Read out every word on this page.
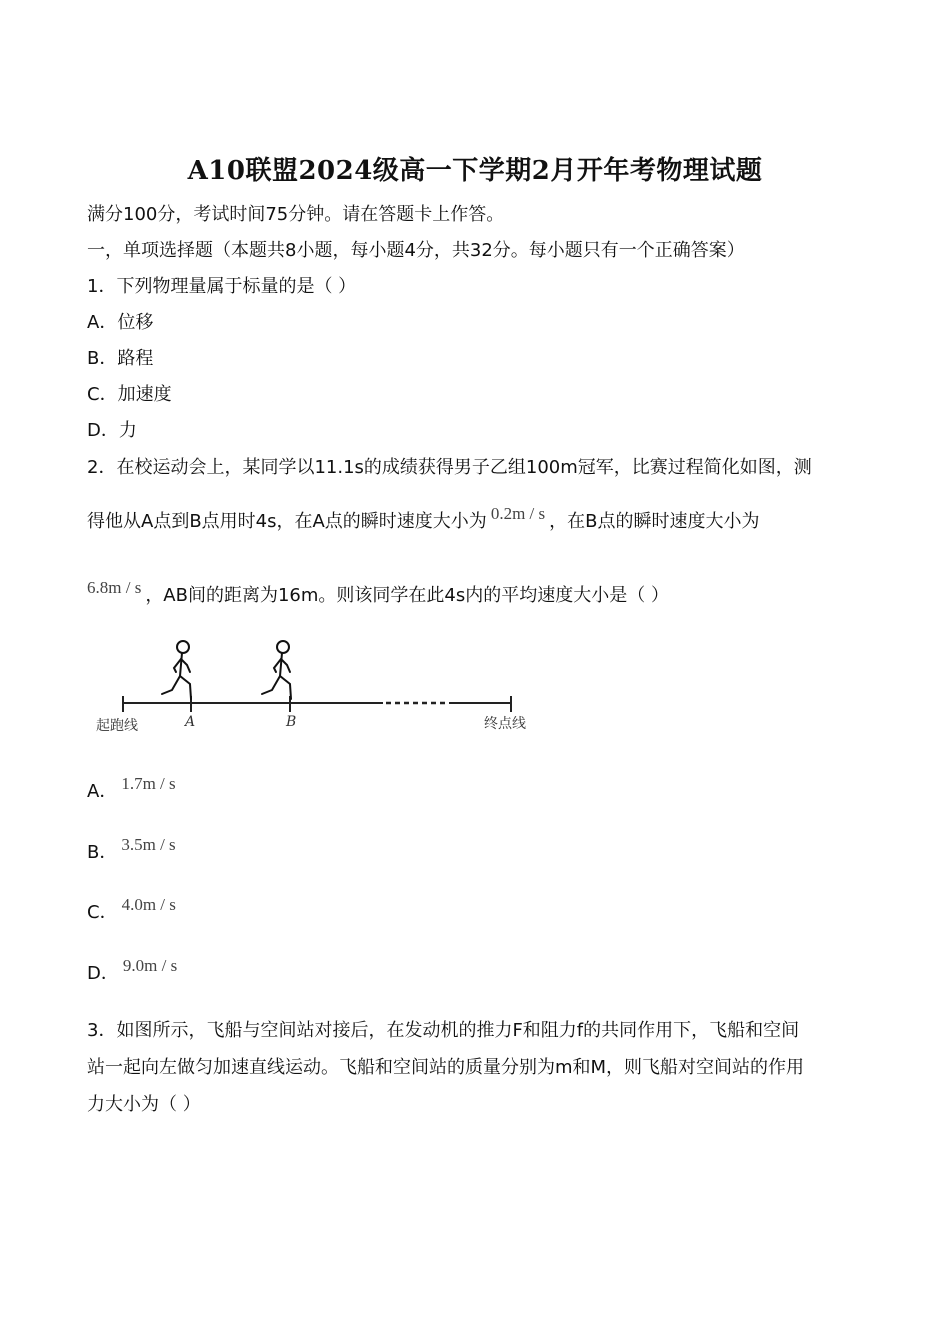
A10联盟2024级高一下学期2月开年考物理试题
满分100分，考试时间75分钟。请在答题卡上作答。
一，单项选择题（本题共8小题，每小题4分，共32分。每小题只有一个正确答案）
1．下列物理量属于标量的是（ ）
A．位移
B．路程
C．加速度
D．力
2．在校运动会上，某同学以11.1s的成绩获得男子乙组100m冠军，比赛过程简化如图，测
得他从A点到B点用时4s，在A点的瞬时速度大小为 0.2m / s ，在B点的瞬时速度大小为
6.8m / s ，AB间的距离为16m。则该同学在此4s内的平均速度大小是（ ）
起跑线	A	B	终点线
A． 1.7m / s
B． 3.5m / s
C． 4.0m / s
D． 9.0m / s
3．如图所示，飞船与空间站对接后，在发动机的推力F和阻力f的共同作用下，飞船和空间
站一起向左做匀加速直线运动。飞船和空间站的质量分别为m和M，则飞船对空间站的作用
力大小为（ ）
